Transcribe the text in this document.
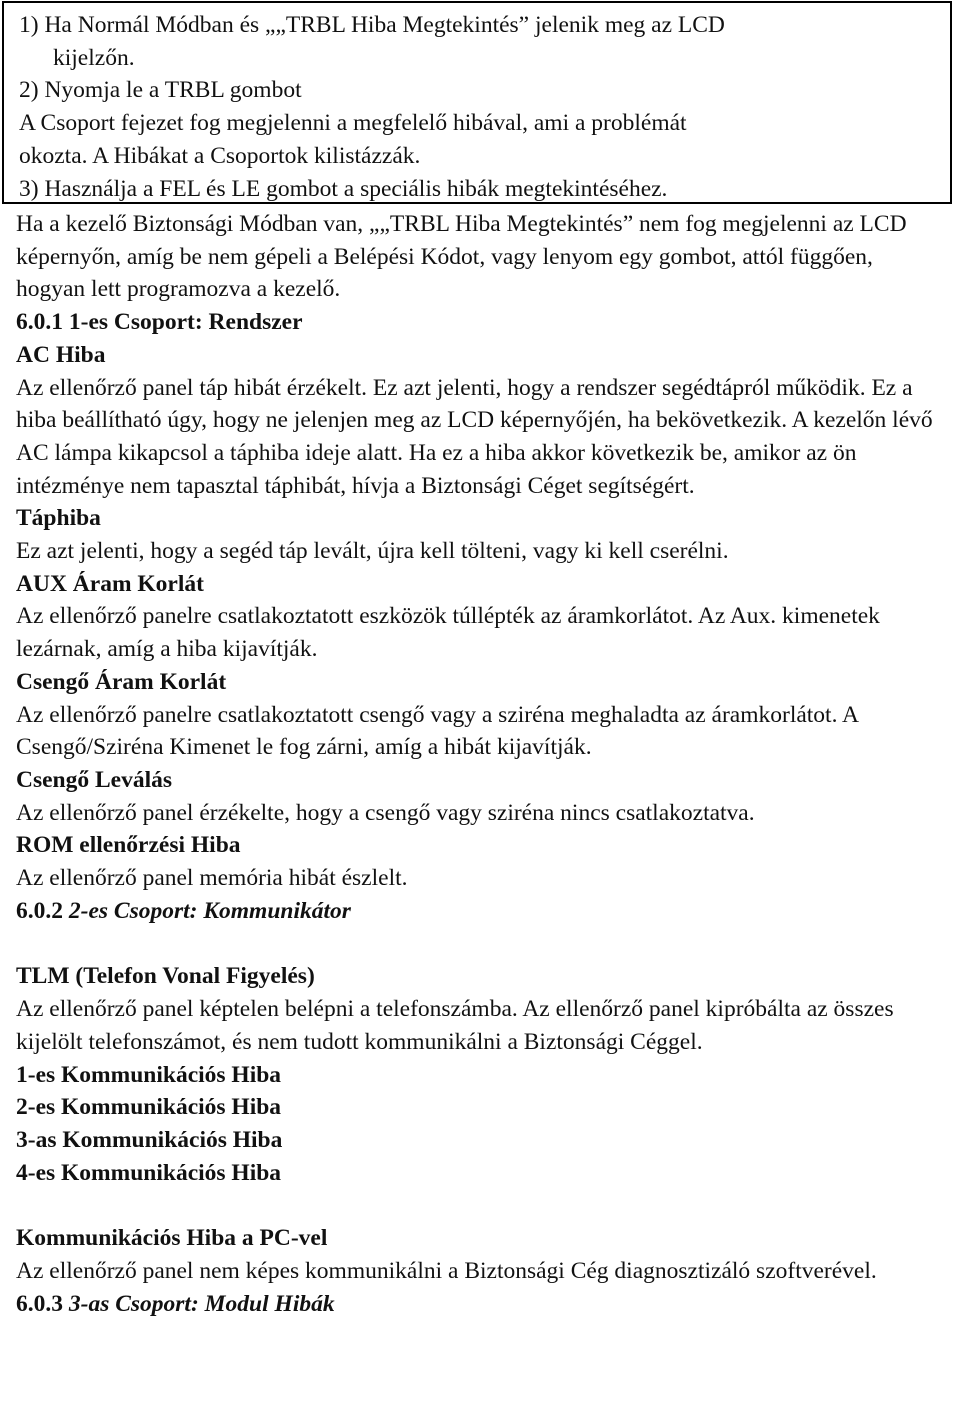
1) Ha Normál Módban és „„TRBL Hiba Megtekintés” jelenik meg az LCD

kijelzőn.

2) Nyomja le a TRBL gombot

A Csoport fejezet fog megjelenni a megfelelő hibával, ami a problémát

okozta. A Hibákat a Csoportok kilistázzák.

3) Használja a FEL és LE gombot a speciális hibák megtekintéséhez.

Ha a kezelő Biztonsági Módban van, „„TRBL Hiba Megtekintés” nem fog megjelenni az LCD képernyőn, amíg be nem gépeli a Belépési Kódot, vagy lenyom egy gombot, attól függően, hogyan lett programozva a kezelő.

6.0.1 1-es Csoport: Rendszer

AC Hiba

Az ellenőrző panel táp hibát érzékelt. Ez azt jelenti, hogy a rendszer segédtápról működik. Ez a hiba beállítható úgy, hogy ne jelenjen meg az LCD képernyőjén, ha bekövetkezik. A kezelőn lévő AC lámpa kikapcsol a táphiba ideje alatt. Ha ez a hiba akkor következik be, amikor az ön intézménye nem tapasztal táphibát, hívja a Biztonsági Céget segítségért.

Táphiba

Ez azt jelenti, hogy a segéd táp levált, újra kell tölteni, vagy ki kell cserélni.

AUX Áram Korlát

Az ellenőrző panelre csatlakoztatott eszközök túllépték az áramkorlátot. Az Aux. kimenetek lezárnak, amíg a hiba kijavítják.

Csengő Áram Korlát

Az ellenőrző panelre csatlakoztatott csengő vagy a sziréna meghaladta az áramkorlátot. A Csengő/Sziréna Kimenet le fog zárni, amíg a hibát kijavítják.

Csengő Leválás

Az ellenőrző panel érzékelte, hogy a csengő vagy sziréna nincs csatlakoztatva.

ROM ellenőrzési Hiba

Az ellenőrző panel memória hibát észlelt.

6.0.2 2-es Csoport: Kommunikátor

TLM (Telefon Vonal Figyelés)

Az ellenőrző panel képtelen belépni a telefonszámba. Az ellenőrző panel kipróbálta az összes kijelölt telefonszámot, és nem tudott kommunikálni a Biztonsági Céggel.

1-es Kommunikációs Hiba

2-es Kommunikációs Hiba

3-as Kommunikációs Hiba

4-es Kommunikációs Hiba

Kommunikációs Hiba a PC-vel

Az ellenőrző panel nem képes kommunikálni a Biztonsági Cég diagnosztizáló szoftverével.

6.0.3 3-as Csoport: Modul Hibák
